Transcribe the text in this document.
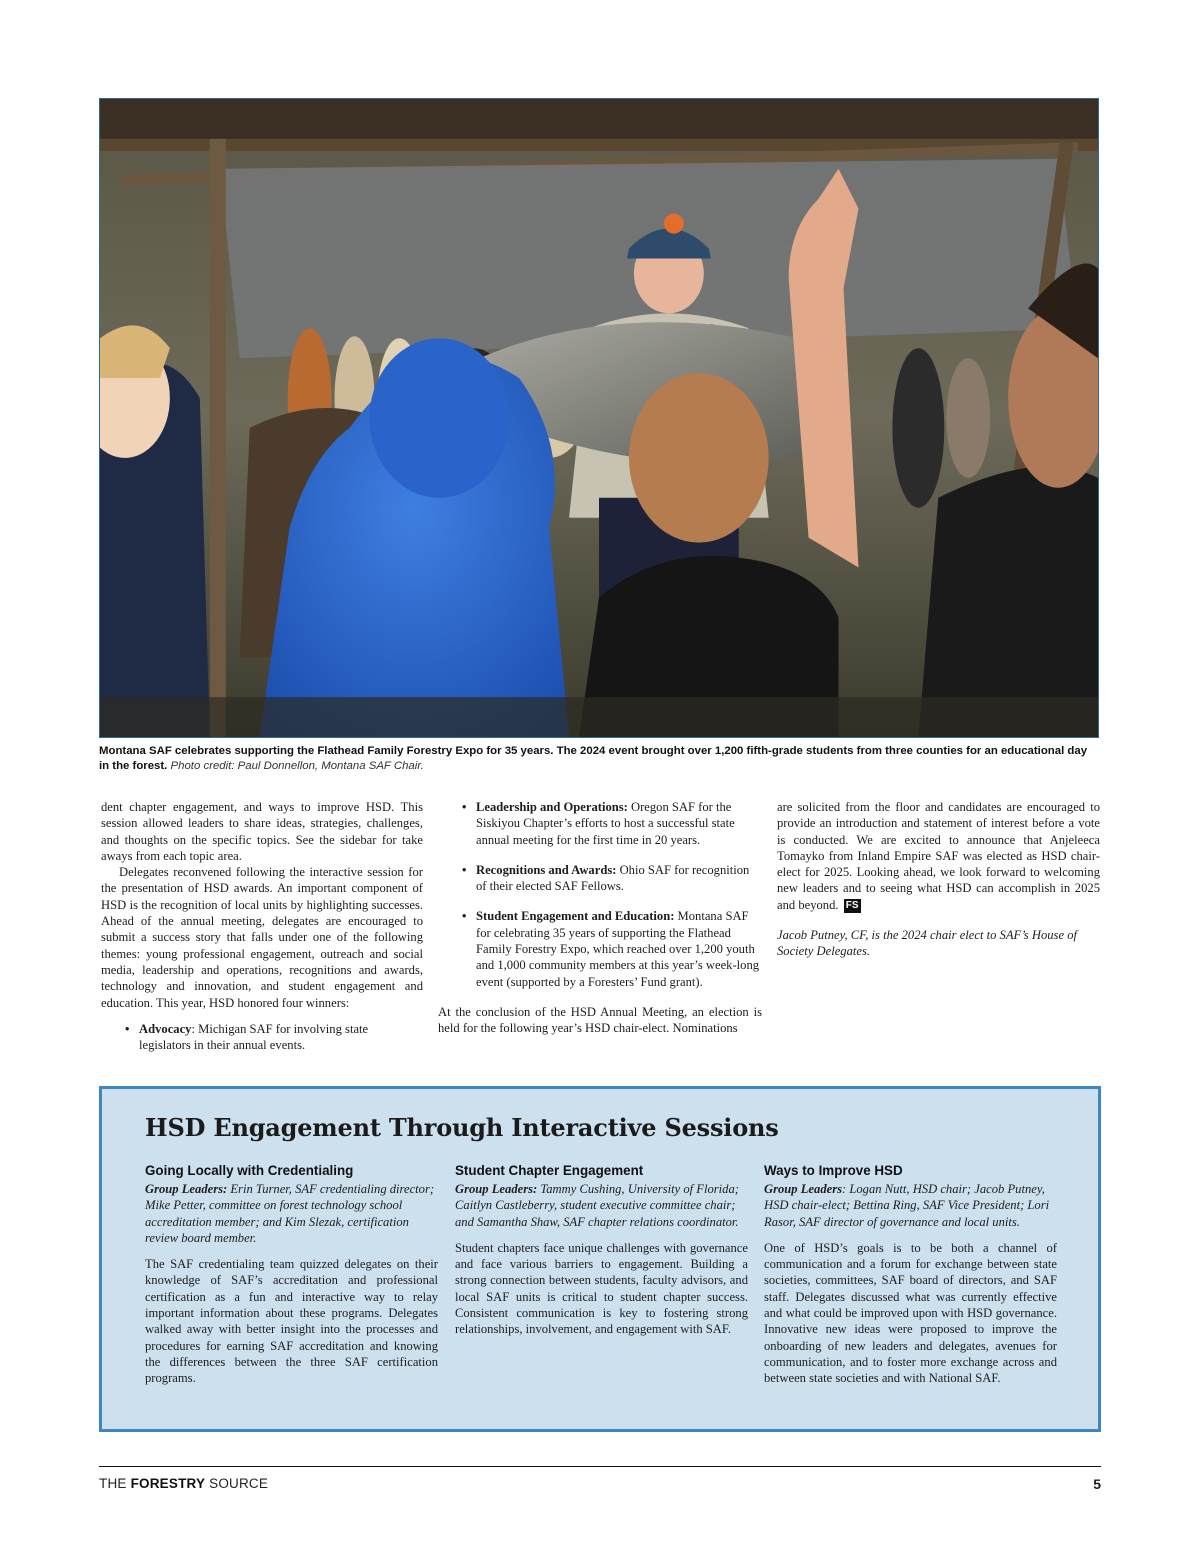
Montana SAF celebrates supporting the Flathead Family Forestry Expo for 35 years. The 2024 event brought over 1,200 fifth-grade students from three counties for an educational day in the forest. Photo credit: Paul Donnellon, Montana SAF Chair.

dent chapter engagement, and ways to improve HSD. This session allowed leaders to share ideas, strategies, challenges, and thoughts on the specific topics. See the sidebar for take aways from each topic area.

Delegates reconvened following the interactive session for the presentation of HSD awards. An important component of HSD is the recognition of local units by highlighting successes. Ahead of the annual meeting, delegates are encouraged to submit a success story that falls under one of the following themes: young professional engagement, outreach and social media, leadership and operations, recognitions and awards, technology and innovation, and student engagement and education. This year, HSD honored four winners:

• Advocacy: Michigan SAF for involving state legislators in their annual events.
• Leadership and Operations: Oregon SAF for the Siskiyou Chapter’s efforts to host a successful state annual meeting for the first time in 20 years.
• Recognitions and Awards: Ohio SAF for recognition of their elected SAF Fellows.
• Student Engagement and Education: Montana SAF for celebrating 35 years of supporting the Flathead Family Forestry Expo, which reached over 1,200 youth and 1,000 community members at this year’s week-long event (supported by a Foresters’ Fund grant).

At the conclusion of the HSD Annual Meeting, an election is held for the following year’s HSD chair-elect. Nominations

are solicited from the floor and candidates are encouraged to provide an introduction and statement of interest before a vote is conducted. We are excited to announce that Anjeleeca Tomayko from Inland Empire SAF was elected as HSD chair-elect for 2025. Looking ahead, we look forward to welcoming new leaders and to seeing what HSD can accomplish in 2025 and beyond. FS

Jacob Putney, CF, is the 2024 chair elect to SAF’s House of Society Delegates.

HSD Engagement Through Interactive Sessions
Going Locally with Credentialing

Group Leaders: Erin Turner, SAF credentialing director; Mike Petter, committee on forest technology school accreditation member; and Kim Slezak, certification review board member.

The SAF credentialing team quizzed delegates on their knowledge of SAF’s accreditation and professional certification as a fun and interactive way to relay important information about these programs. Delegates walked away with better insight into the processes and procedures for earning SAF accreditation and knowing the differences between the three SAF certification programs.

Student Chapter Engagement

Group Leaders: Tammy Cushing, University of Florida; Caitlyn Castleberry, student executive committee chair; and Samantha Shaw, SAF chapter relations coordinator.

Student chapters face unique challenges with governance and face various barriers to engagement. Building a strong connection between students, faculty advisors, and local SAF units is critical to student chapter success. Consistent communication is key to fostering strong relationships, involvement, and engagement with SAF.

Ways to Improve HSD

Group Leaders: Logan Nutt, HSD chair; Jacob Putney, HSD chair-elect; Bettina Ring, SAF Vice President; Lori Rasor, SAF director of governance and local units.

One of HSD’s goals is to be both a channel of communication and a forum for exchange between state societies, committees, SAF board of directors, and SAF staff. Delegates discussed what was currently effective and what could be improved upon with HSD governance. Innovative new ideas were proposed to improve the onboarding of new leaders and delegates, avenues for communication, and to foster more exchange across and between state societies and with National SAF.

THE FORESTRY SOURCE	5
